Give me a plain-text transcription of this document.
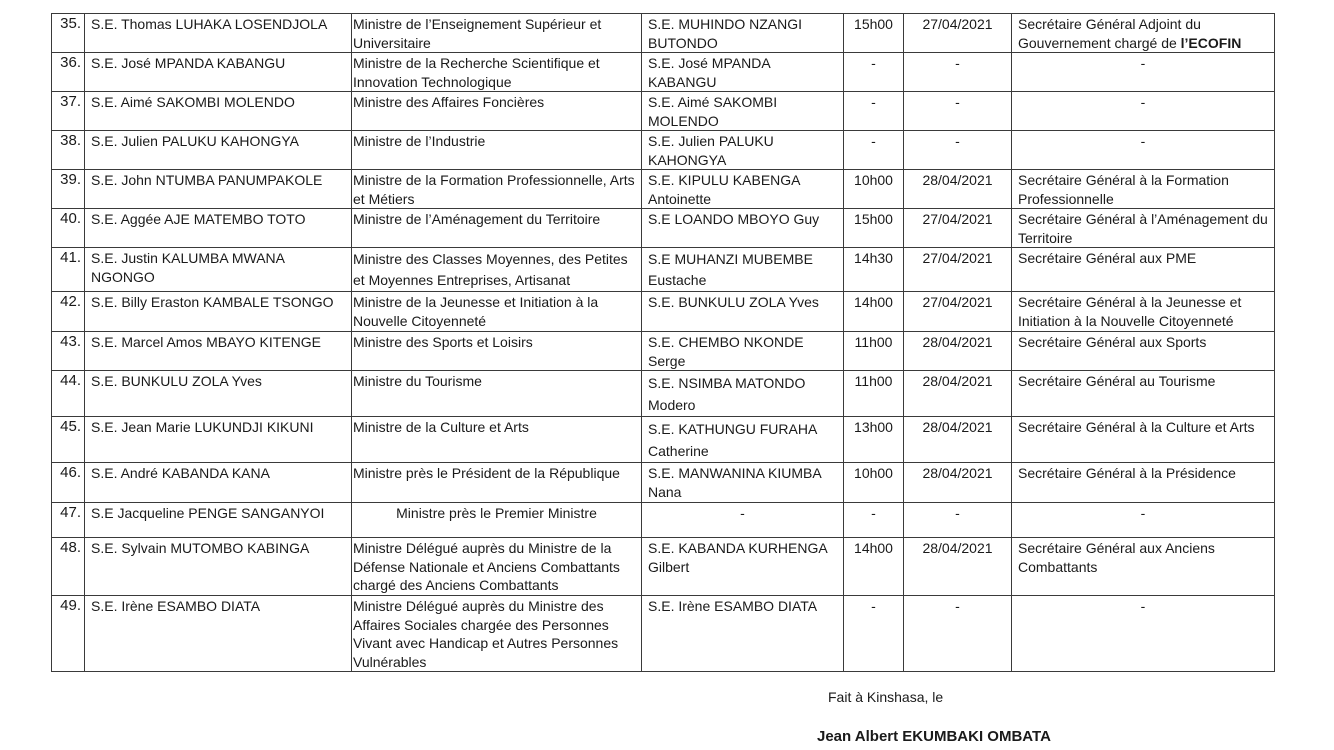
35.	S.E. Thomas LUHAKA LOSENDJOLA	Ministre de l’Enseignement Supérieur et Universitaire	S.E. MUHINDO NZANGI BUTONDO	15h00	27/04/2021	Secrétaire Général Adjoint du Gouvernement chargé de l’ECOFIN
36.	S.E. José MPANDA KABANGU	Ministre de la Recherche Scientifique et Innovation Technologique	S.E. José MPANDA KABANGU	-	-	-
37.	S.E. Aimé SAKOMBI MOLENDO	Ministre des Affaires Foncières	S.E. Aimé SAKOMBI MOLENDO	-	-	-
38.	S.E. Julien PALUKU KAHONGYA	Ministre de l’Industrie	S.E. Julien PALUKU KAHONGYA	-	-	-
39.	S.E. John NTUMBA PANUMPAKOLE	Ministre de la Formation Professionnelle, Arts et Métiers	S.E. KIPULU KABENGA Antoinette	10h00	28/04/2021	Secrétaire Général à la Formation Professionnelle
40.	S.E. Aggée AJE MATEMBO TOTO	Ministre de l’Aménagement du Territoire	S.E LOANDO MBOYO Guy	15h00	27/04/2021	Secrétaire Général à l’Aménagement du Territoire
41.	S.E. Justin KALUMBA MWANA NGONGO	Ministre des Classes Moyennes, des Petites et Moyennes Entreprises, Artisanat	S.E MUHANZI MUBEMBE Eustache	14h30	27/04/2021	Secrétaire Général aux PME
42.	S.E. Billy Eraston KAMBALE TSONGO	Ministre de la Jeunesse et Initiation à la Nouvelle Citoyenneté	S.E. BUNKULU ZOLA Yves	14h00	27/04/2021	Secrétaire Général à la Jeunesse et Initiation à la Nouvelle Citoyenneté
43.	S.E. Marcel Amos MBAYO KITENGE	Ministre des Sports et Loisirs	S.E. CHEMBO NKONDE Serge	11h00	28/04/2021	Secrétaire Général aux Sports
44.	S.E. BUNKULU ZOLA Yves	Ministre du Tourisme	S.E. NSIMBA MATONDO Modero	11h00	28/04/2021	Secrétaire Général au Tourisme
45.	S.E. Jean Marie LUKUNDJI KIKUNI	Ministre de la Culture et Arts	S.E. KATHUNGU FURAHA Catherine	13h00	28/04/2021	Secrétaire Général à la Culture et Arts
46.	S.E. André KABANDA KANA	Ministre près le Président de la République	S.E. MANWANINA KIUMBA Nana	10h00	28/04/2021	Secrétaire Général à la Présidence
47.	S.E Jacqueline PENGE SANGANYOI	Ministre près le Premier Ministre	-	-	-	-
48.	S.E. Sylvain MUTOMBO KABINGA	Ministre Délégué auprès du Ministre de la Défense Nationale et Anciens Combattants chargé des Anciens Combattants	S.E. KABANDA KURHENGA Gilbert	14h00	28/04/2021	Secrétaire Général aux Anciens Combattants
49.	S.E. Irène ESAMBO DIATA	Ministre Délégué auprès du Ministre des Affaires Sociales chargée des Personnes Vivant avec Handicap et Autres Personnes Vulnérables	S.E. Irène ESAMBO DIATA	-	-	-
Fait à Kinshasa, le
Jean Albert EKUMBAKI OMBATA
